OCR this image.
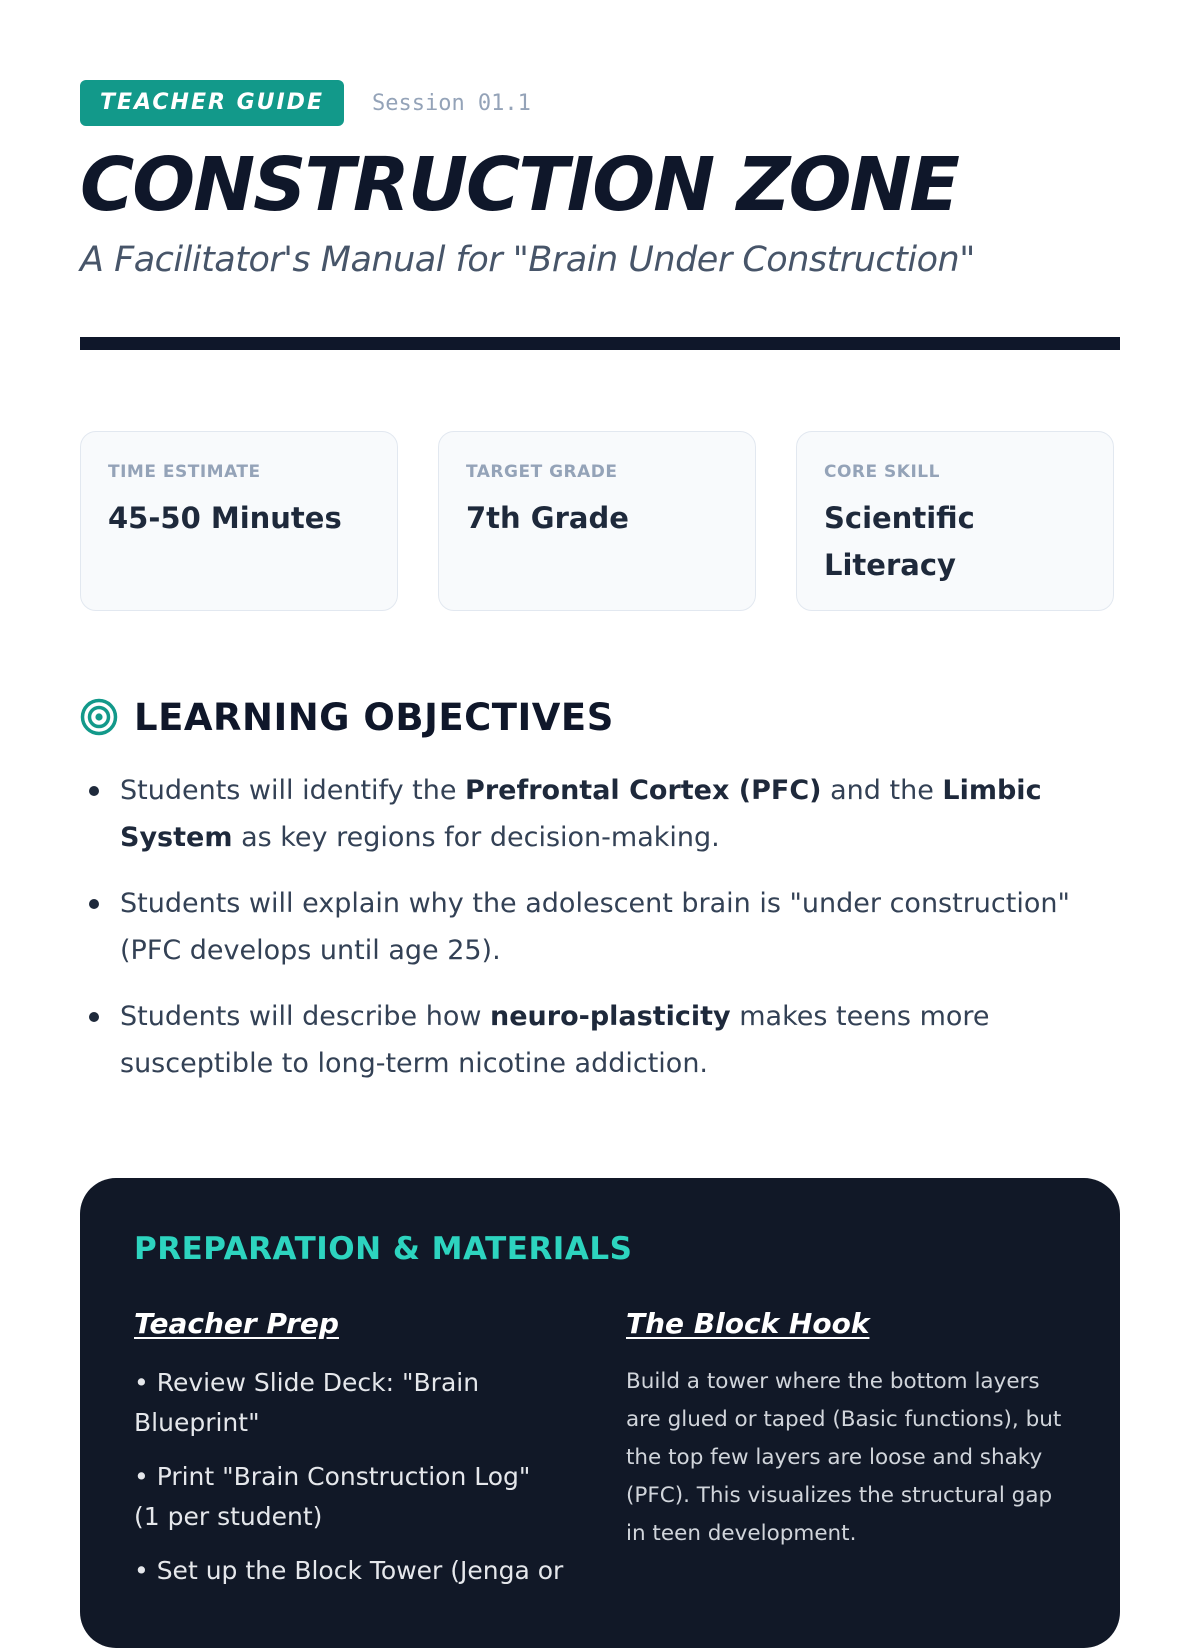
TEACHER GUIDE	Session 01.1
CONSTRUCTION ZONE
A Facilitator's Manual for "Brain Under Construction"
TIME ESTIMATE
45-50 Minutes
TARGET GRADE
7th Grade
CORE SKILL
Scientific Literacy
LEARNING OBJECTIVES
Students will identify the Prefrontal Cortex (PFC) and the Limbic System as key regions for decision-making.
Students will explain why the adolescent brain is "under construction" (PFC develops until age 25).
Students will describe how neuro-plasticity makes teens more susceptible to long-term nicotine addiction.
PREPARATION & MATERIALS
Teacher Prep
• Review Slide Deck: "Brain Blueprint"
• Print "Brain Construction Log" (1 per student)
• Set up the Block Tower (Jenga or
The Block Hook
Build a tower where the bottom layers are glued or taped (Basic functions), but the top few layers are loose and shaky (PFC). This visualizes the structural gap in teen development.
